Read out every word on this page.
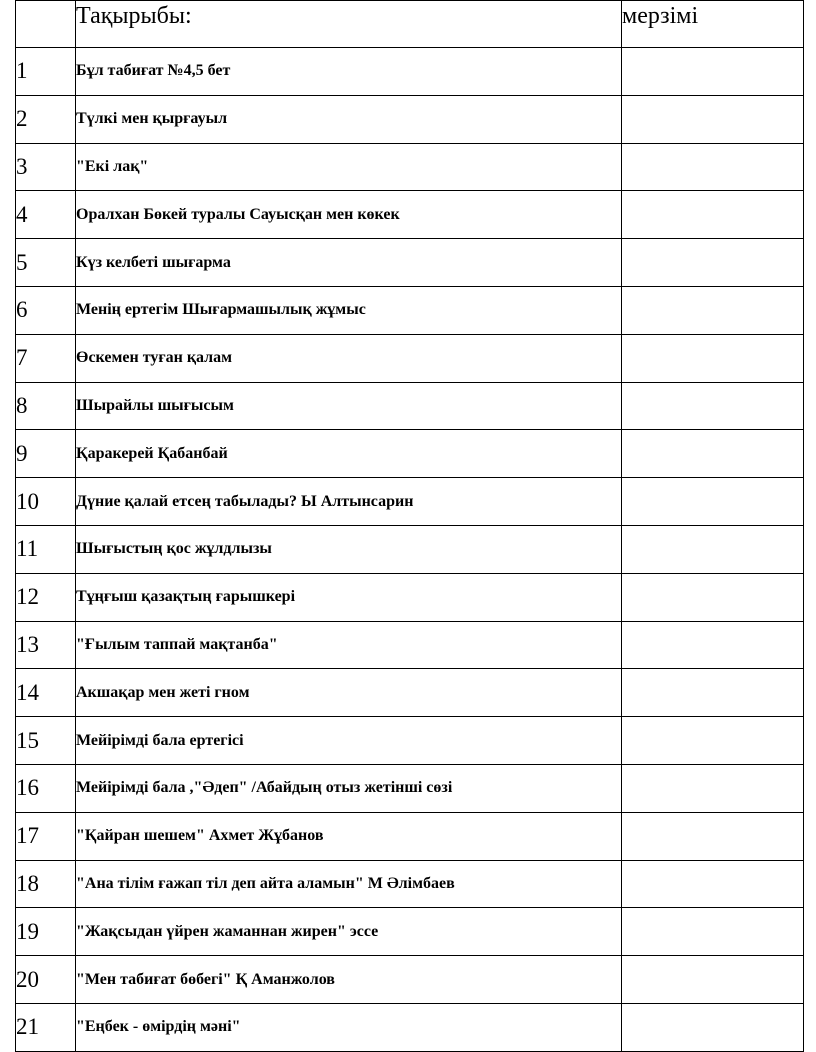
	Тақырыбы:	мерзімі
1	Бұл табиғат №4,5 бет	
2	Түлкі мен қырғауыл	
3	"Екі лақ"	
4	Оралхан Бөкей туралы Сауысқан мен көкек	
5	Күз келбеті шығарма	
6	Менің ертегім Шығармашылық жұмыс	
7	Өскемен туған қалам	
8	Шырайлы шығысым	
9	Қаракерей Қабанбай	
10	Дүние қалай етсең табылады? Ы Алтынсарин	
11	Шығыстың қос жұлдлызы	
12	Тұңғыш қазақтың ғарышкері	
13	"Ғылым таппай мақтанба"	
14	Акшақар мен жеті гном	
15	Мейірімді бала ертегісі	
16	Мейірімді бала ,"Әдеп" /Абайдың отыз жетінші сөзі	
17	"Қайран шешем" Ахмет Жұбанов	
18	"Ана тілім ғажап тіл деп айта аламын" М Әлімбаев	
19	"Жақсыдан үйрен жаманнан жирен" эссе	
20	"Мен табиғат бөбегі" Қ Аманжолов	
21	"Еңбек - өмірдің мәні"	
